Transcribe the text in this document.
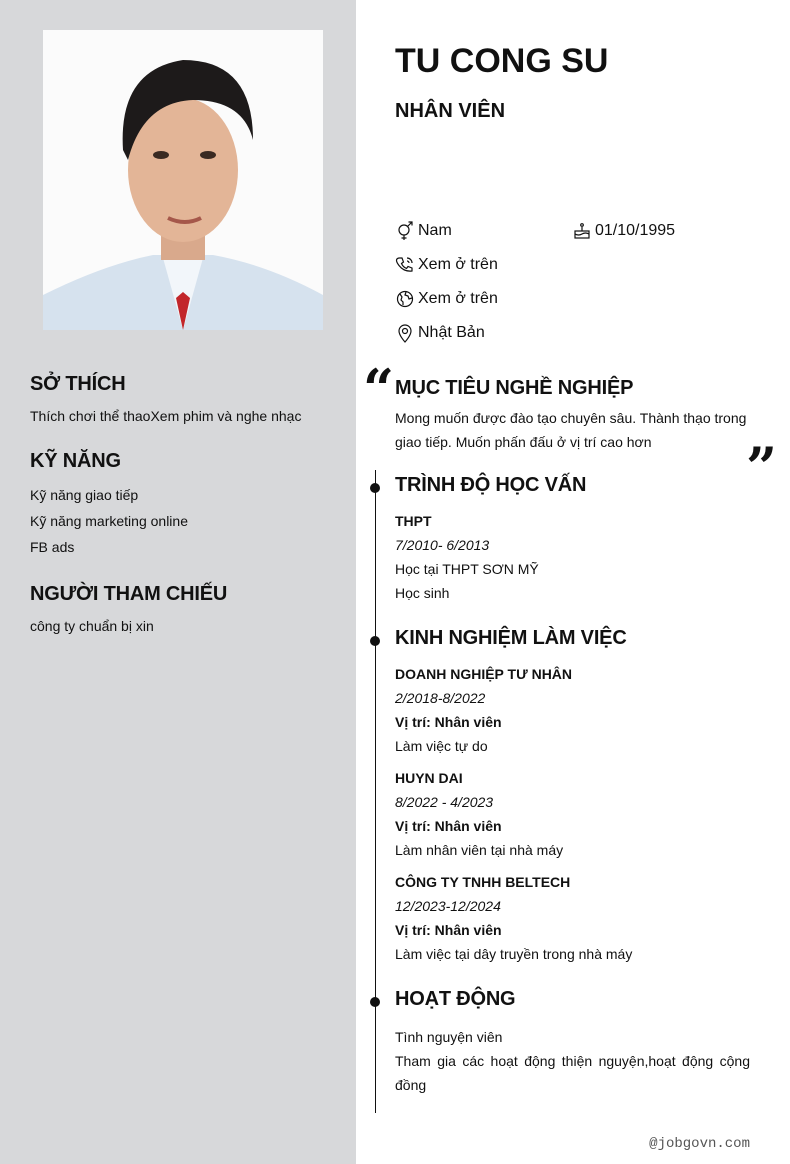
SỞ THÍCH
Thích chơi thể thaoXem phim và nghe nhạc
KỸ NĂNG
Kỹ năng giao tiếp
Kỹ năng marketing online
FB ads
NGƯỜI THAM CHIẾU
công ty chuẩn bị xin
TU CONG SU
NHÂN VIÊN
Nam	01/10/1995
Xem ở trên
Xem ở trên
Nhật Bản
“ MỤC TIÊU NGHỀ NGHIỆP
Mong muốn được đào tạo chuyên sâu. Thành thạo trong giao tiếp. Muốn phấn đấu ở vị trí cao hơn	”
TRÌNH ĐỘ HỌC VẤN
THPT
7/2010- 6/2013
Học tại THPT SƠN MỸ
Học sinh
KINH NGHIỆM LÀM VIỆC
DOANH NGHIỆP TƯ NHÂN
2/2018-8/2022
Vị trí: Nhân viên
Làm việc tự do
HUYN DAI
8/2022 - 4/2023
Vị trí: Nhân viên
Làm nhân viên tại nhà máy
CÔNG TY TNHH BELTECH
12/2023-12/2024
Vị trí: Nhân viên
Làm việc tại dây truyền trong nhà máy
HOẠT ĐỘNG
Tình nguyện viên
Tham gia các hoạt động thiện nguyện,hoạt động cộng đồng
@jobgovn.com
